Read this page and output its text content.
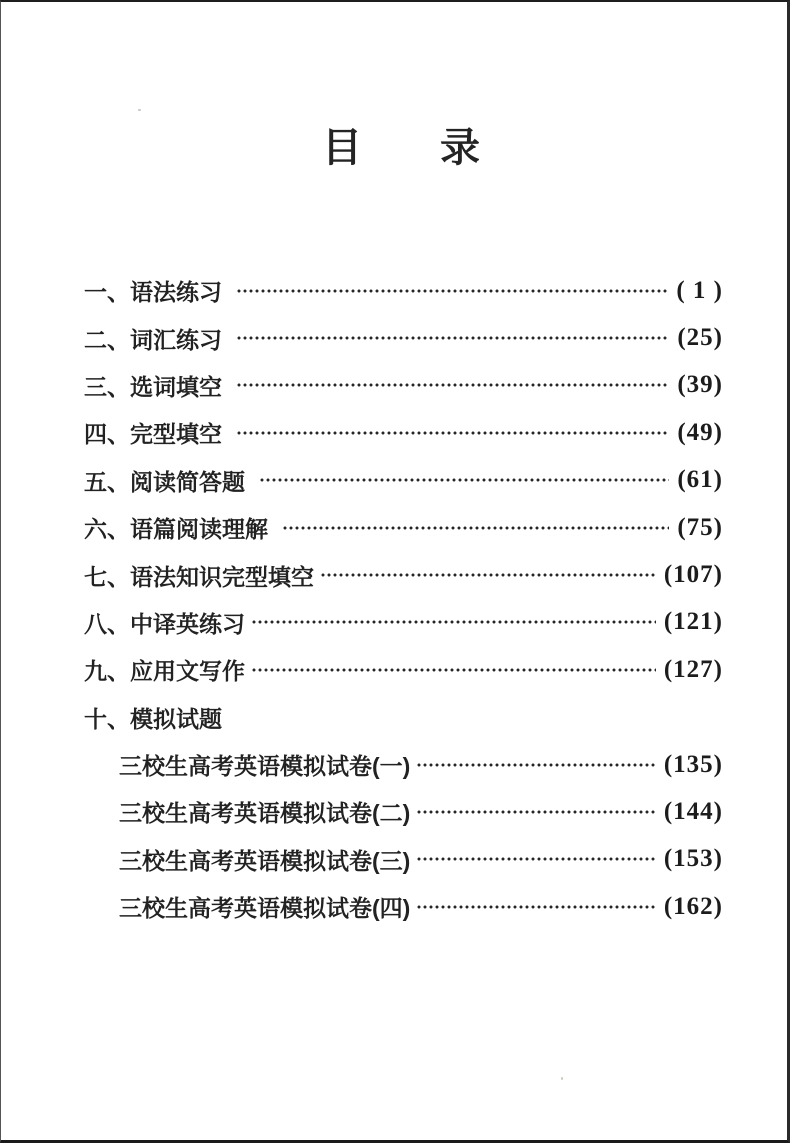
目 录
一、语法练习	( 1 )
二、词汇练习	(25)
三、选词填空	(39)
四、完型填空	(49)
五、阅读简答题	(61)
六、语篇阅读理解	(75)
七、语法知识完型填空	(107)
八、中译英练习	(121)
九、应用文写作	(127)
十、模拟试题
三校生高考英语模拟试卷(一)	(135)
三校生高考英语模拟试卷(二)	(144)
三校生高考英语模拟试卷(三)	(153)
三校生高考英语模拟试卷(四)	(162)
